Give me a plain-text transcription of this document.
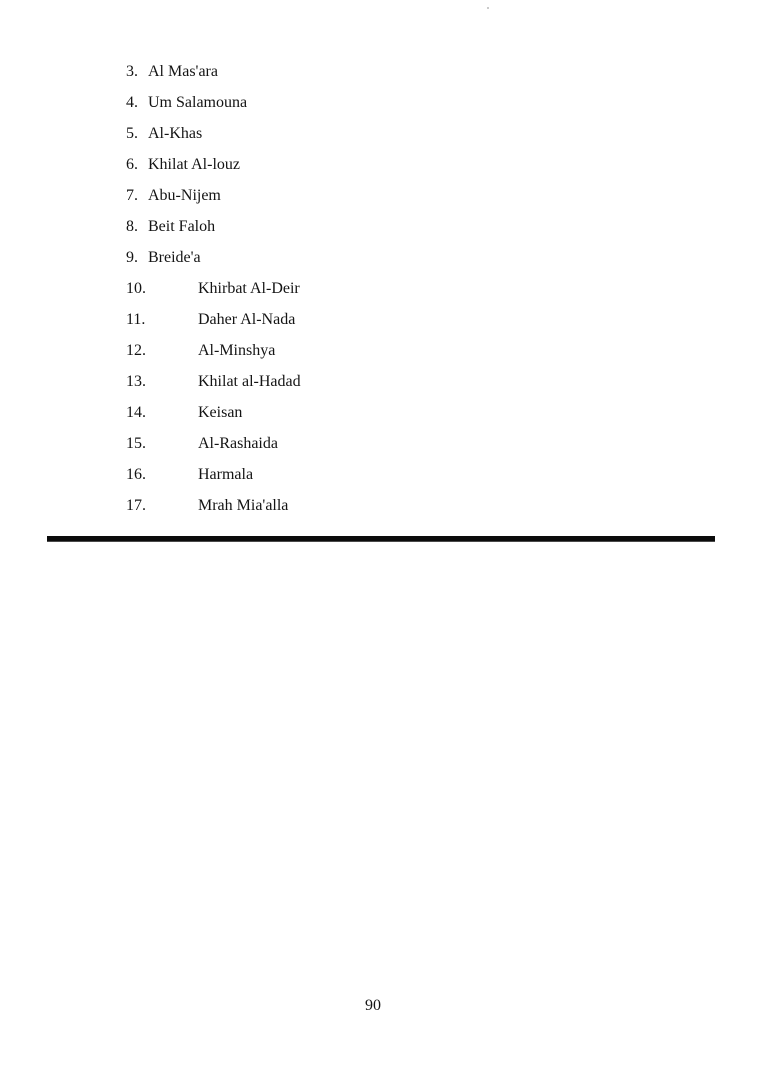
3. Al Mas'ara
4. Um Salamouna
5. Al-Khas
6. Khilat Al-louz
7. Abu-Nijem
8. Beit Faloh
9. Breide'a
10.	Khirbat Al-Deir
11.	Daher Al-Nada
12.	Al-Minshya
13.	Khilat al-Hadad
14.	Keisan
15.	Al-Rashaida
16.	Harmala
17.	Mrah Mia'alla
90
